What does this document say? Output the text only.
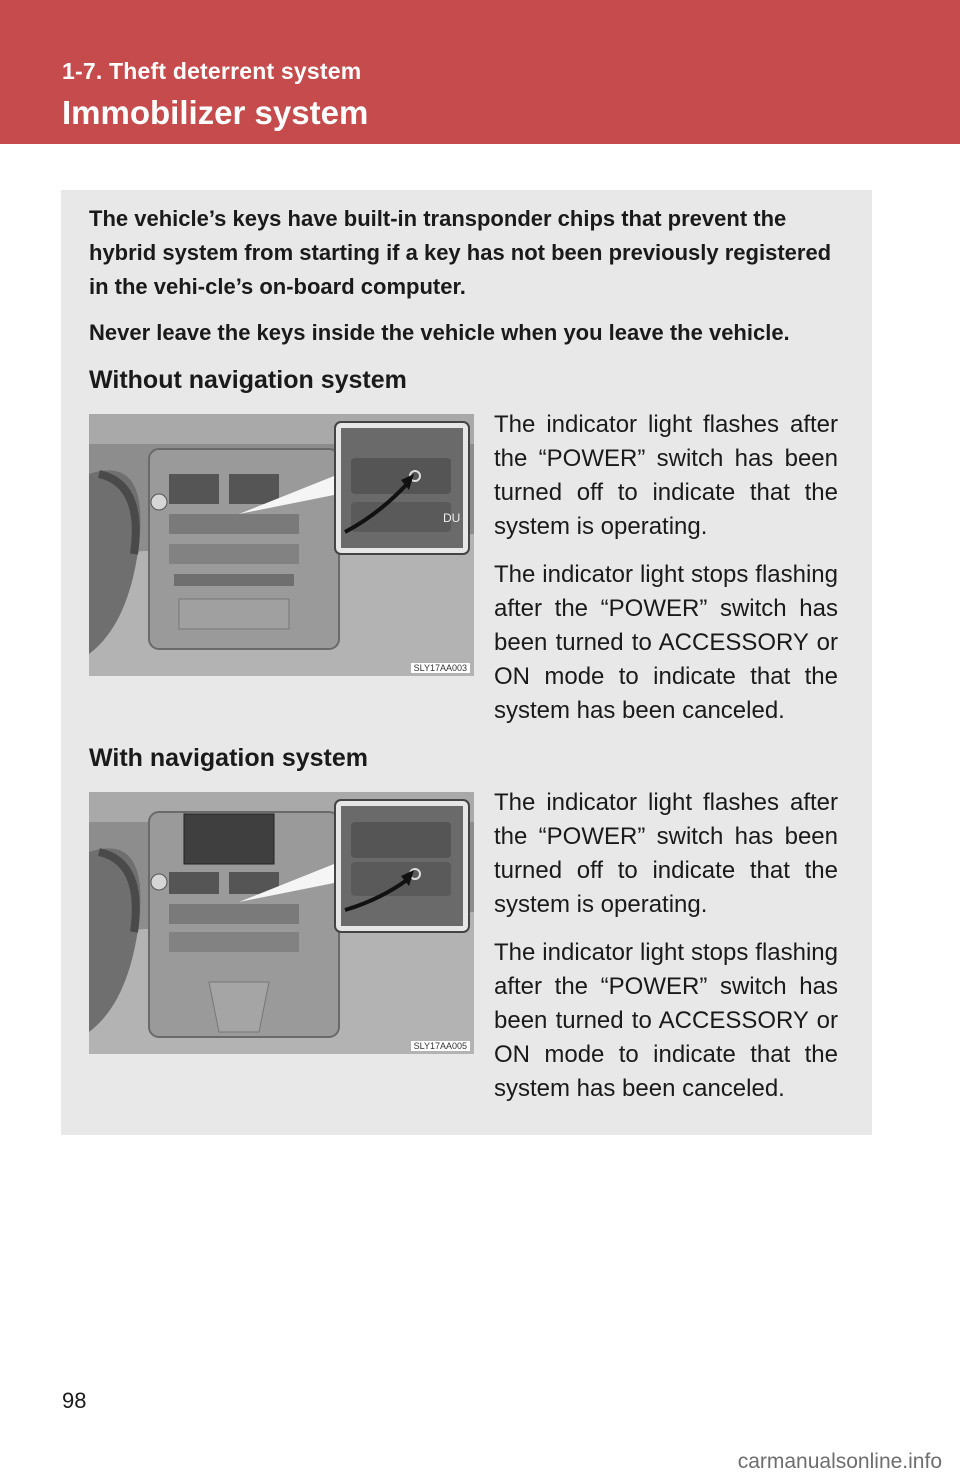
1-7. Theft deterrent system
Immobilizer system

The vehicle’s keys have built-in transponder chips that prevent the hybrid system from starting if a key has not been previously registered in the vehi-cle’s on-board computer.

Never leave the keys inside the vehicle when you leave the vehicle.

Without navigation system
DU
SLY17AA003

The indicator light flashes after the “POWER” switch has been turned off to indicate that the system is operating.

The indicator light stops flashing after the “POWER” switch has been turned to ACCESSORY or ON mode to indicate that the system has been canceled.

With navigation system
SLY17AA005

The indicator light flashes after the “POWER” switch has been turned off to indicate that the system is operating.

The indicator light stops flashing after the “POWER” switch has been turned to ACCESSORY or ON mode to indicate that the system has been canceled.

98
carmanualsonline.info
